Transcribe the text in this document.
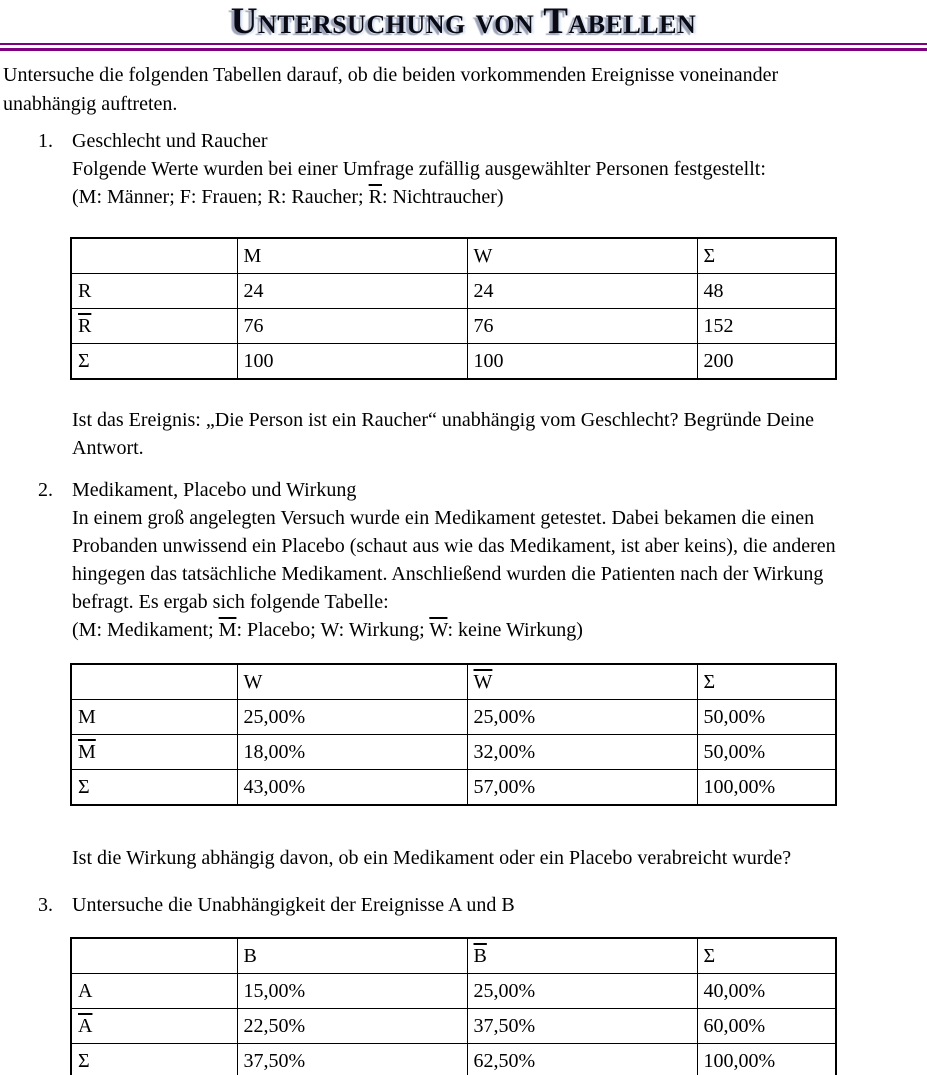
Untersuchung von Tabellen
Untersuche die folgenden Tabellen darauf, ob die beiden vorkommenden Ereignisse voneinander
unabhängig auftreten.
1. Geschlecht und Raucher
Folgende Werte wurden bei einer Umfrage zufällig ausgewählter Personen festgestellt:
(M: Männer; F: Frauen; R: Raucher; $\overline{R}$: Nichtraucher)
	M	W	Σ
R	24	24	48
$\overline{R}$	76	76	152
Σ	100	100	200
Ist das Ereignis: „Die Person ist ein Raucher“ unabhängig vom Geschlecht? Begründe Deine
Antwort.
2. Medikament, Placebo und Wirkung
In einem groß angelegten Versuch wurde ein Medikament getestet. Dabei bekamen die einen
Probanden unwissend ein Placebo (schaut aus wie das Medikament, ist aber keins), die anderen
hingegen das tatsächliche Medikament. Anschließend wurden die Patienten nach der Wirkung
befragt. Es ergab sich folgende Tabelle:
(M: Medikament; $\overline{M}$: Placebo; W: Wirkung; $\overline{W}$: keine Wirkung)
	W	$\overline{W}$	Σ
M	25,00%	25,00%	50,00%
$\overline{M}$	18,00%	32,00%	50,00%
Σ	43,00%	57,00%	100,00%
Ist die Wirkung abhängig davon, ob ein Medikament oder ein Placebo verabreicht wurde?
3. Untersuche die Unabhängigkeit der Ereignisse A und B
	B	$\overline{B}$	Σ
A	15,00%	25,00%	40,00%
$\overline{A}$	22,50%	37,50%	60,00%
Σ	37,50%	62,50%	100,00%
